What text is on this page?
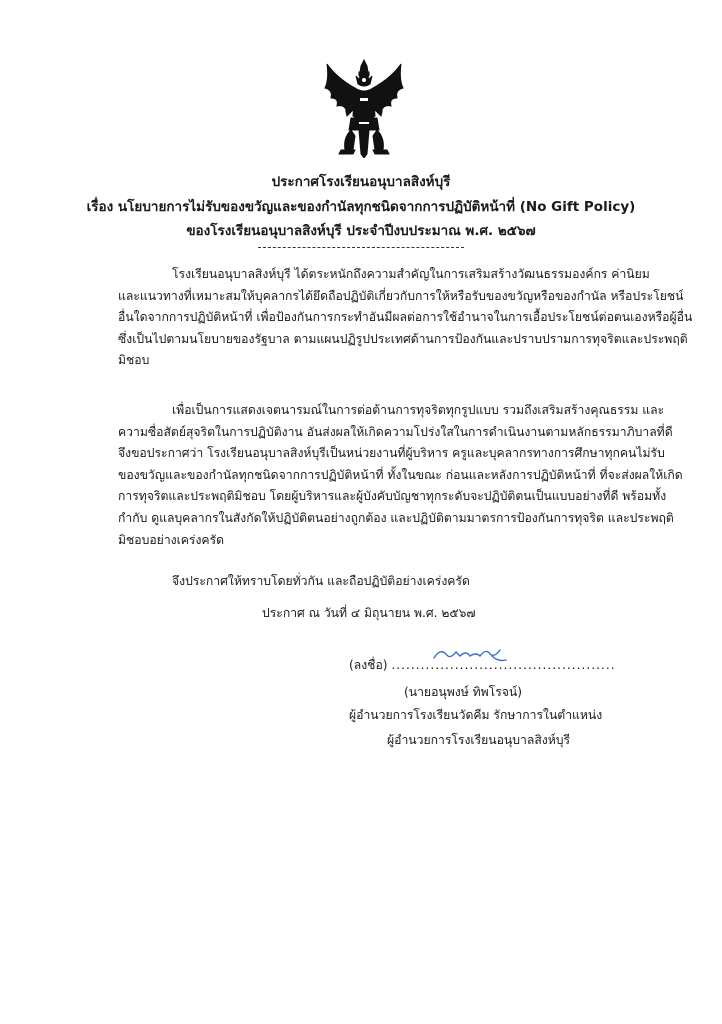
ประกาศโรงเรียนอนุบาลสิงห์บุรี
เรื่อง นโยบายการไม่รับของขวัญและของกำนัลทุกชนิดจากการปฏิบัติหน้าที่ (No Gift Policy)
ของโรงเรียนอนุบาลสิงห์บุรี ประจำปีงบประมาณ พ.ศ. ๒๕๖๗
โรงเรียนอนุบาลสิงห์บุรี ได้ตระหนักถึงความสำคัญในการเสริมสร้างวัฒนธรรมองค์กร ค่านิยม
และแนวทางที่เหมาะสมให้บุคลากรได้ยึดถือปฏิบัติเกี่ยวกับการให้หรือรับของขวัญหรือของกำนัล หรือประโยชน์
อื่นใดจากการปฏิบัติหน้าที่ เพื่อป้องกันการกระทำอันมีผลต่อการใช้อำนาจในการเอื้อประโยชน์ต่อตนเองหรือผู้อื่น
ซึ่งเป็นไปตามนโยบายของรัฐบาล ตามแผนปฏิรูปประเทศด้านการป้องกันและปราบปรามการทุจริตและประพฤติ
มิชอบ
เพื่อเป็นการแสดงเจตนารมณ์ในการต่อต้านการทุจริตทุกรูปแบบ รวมถึงเสริมสร้างคุณธรรม และ
ความซื่อสัตย์สุจริตในการปฏิบัติงาน อันส่งผลให้เกิดความโปร่งใสในการดำเนินงานตามหลักธรรมาภิบาลที่ดี
จึงขอประกาศว่า โรงเรียนอนุบาลสิงห์บุรีเป็นหน่วยงานที่ผู้บริหาร ครูและบุคลากรทางการศึกษาทุกคนไม่รับ
ของขวัญและของกำนัลทุกชนิดจากการปฏิบัติหน้าที่ ทั้งในขณะ ก่อนและหลังการปฏิบัติหน้าที่ ที่จะส่งผลให้เกิด
การทุจริตและประพฤติมิชอบ โดยผู้บริหารและผู้บังคับบัญชาทุกระดับจะปฏิบัติตนเป็นแบบอย่างที่ดี พร้อมทั้ง
กำกับ ดูแลบุคลากรในสังกัดให้ปฏิบัติตนอย่างถูกต้อง และปฏิบัติตามมาตรการป้องกันการทุจริต และประพฤติ
มิชอบอย่างเคร่งครัด
จึงประกาศให้ทราบโดยทั่วกัน และถือปฏิบัติอย่างเคร่งครัด
ประกาศ ณ วันที่ ๔ มิถุนายน พ.ศ. ๒๕๖๗
(ลงชื่อ) ..............................................
(นายอนุพงษ์ ทิพโรจน์)
ผู้อำนวยการโรงเรียนวัดคีม รักษาการในตำแหน่ง
ผู้อำนวยการโรงเรียนอนุบาลสิงห์บุรี
